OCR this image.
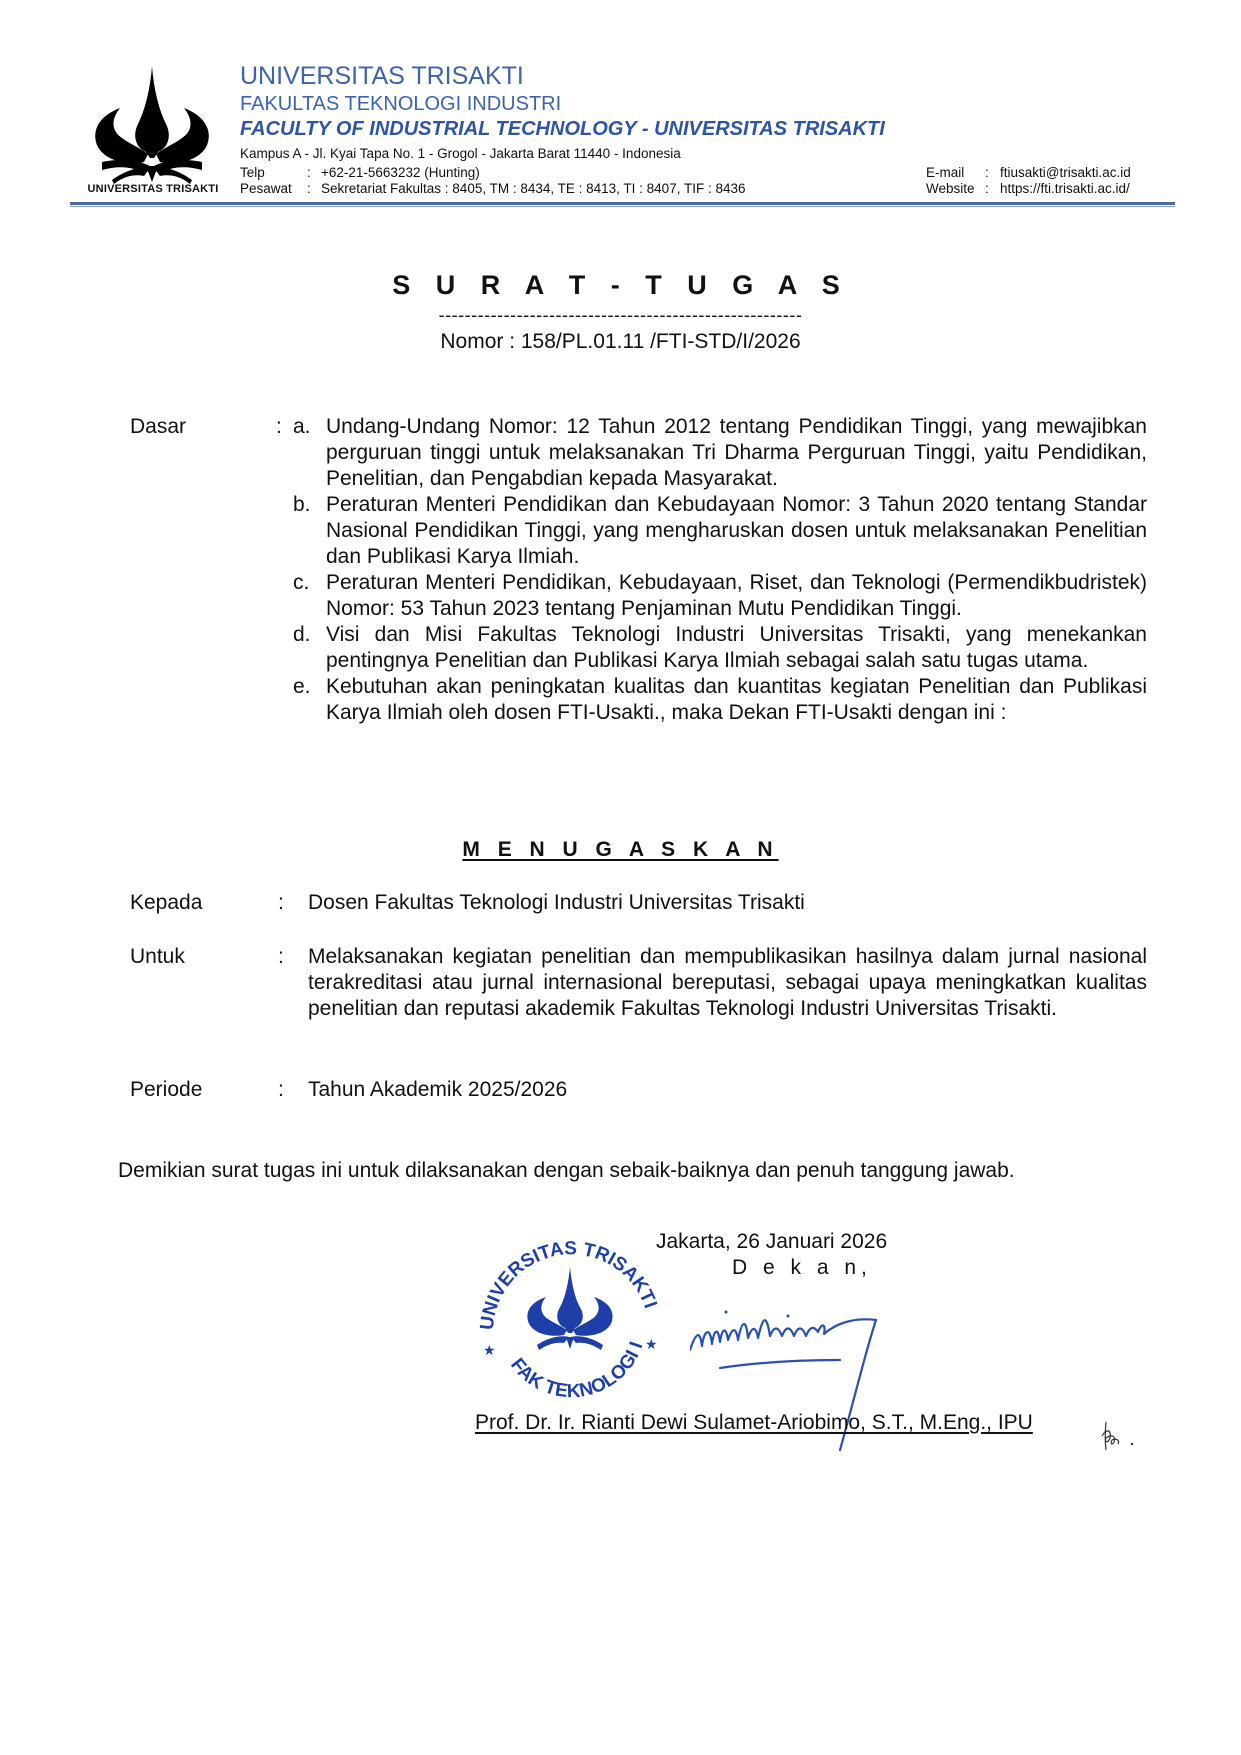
UNIVERSITAS TRISAKTI
UNIVERSITAS TRISAKTI
FAKULTAS TEKNOLOGI INDUSTRI
FACULTY OF INDUSTRIAL TECHNOLOGY - UNIVERSITAS TRISAKTI
Kampus A - Jl. Kyai Tapa No. 1 - Grogol - Jakarta Barat 11440 - Indonesia
Telp	: +62-21-5663232 (Hunting)
Pesawat : Sekretariat Fakultas : 8405, TM : 8434, TE : 8413, TI : 8407, TIF : 8436
E-mail : ftiusakti@trisakti.ac.id
Website : https://fti.trisakti.ac.id/
S U R A T - T U G A S
--------------------------------------------------------
Nomor : 158/PL.01.11 /FTI-STD/I/2026
Dasar	: a. Undang-Undang Nomor: 12 Tahun 2012 tentang Pendidikan Tinggi, yang mewajibkan perguruan tinggi untuk melaksanakan Tri Dharma Perguruan Tinggi, yaitu Pendidikan, Penelitian, dan Pengabdian kepada Masyarakat.
b. Peraturan Menteri Pendidikan dan Kebudayaan Nomor: 3 Tahun 2020 tentang Standar Nasional Pendidikan Tinggi, yang mengharuskan dosen untuk melaksanakan Penelitian dan Publikasi Karya Ilmiah.
c. Peraturan Menteri Pendidikan, Kebudayaan, Riset, dan Teknologi (Permendikbudristek) Nomor: 53 Tahun 2023 tentang Penjaminan Mutu Pendidikan Tinggi.
d. Visi dan Misi Fakultas Teknologi Industri Universitas Trisakti, yang menekankan pentingnya Penelitian dan Publikasi Karya Ilmiah sebagai salah satu tugas utama.
e. Kebutuhan akan peningkatan kualitas dan kuantitas kegiatan Penelitian dan Publikasi Karya Ilmiah oleh dosen FTI-Usakti., maka Dekan FTI-Usakti dengan ini :
M E N U G A S K A N
Kepada	: Dosen Fakultas Teknologi Industri Universitas Trisakti
Untuk	: Melaksanakan kegiatan penelitian dan mempublikasikan hasilnya dalam jurnal nasional terakreditasi atau jurnal internasional bereputasi, sebagai upaya meningkatkan kualitas penelitian dan reputasi akademik Fakultas Teknologi Industri Universitas Trisakti.
Periode	: Tahun Akademik 2025/2026
Demikian surat tugas ini untuk dilaksanakan dengan sebaik-baiknya dan penuh tanggung jawab.
UNIVERSITAS TRISAKTI
FAK TEKNOLOGI I
★	★
Jakarta, 26 Januari 2026
D e k a n,
Prof. Dr. Ir. Rianti Dewi Sulamet-Ariobimo, S.T., M.Eng., IPU
